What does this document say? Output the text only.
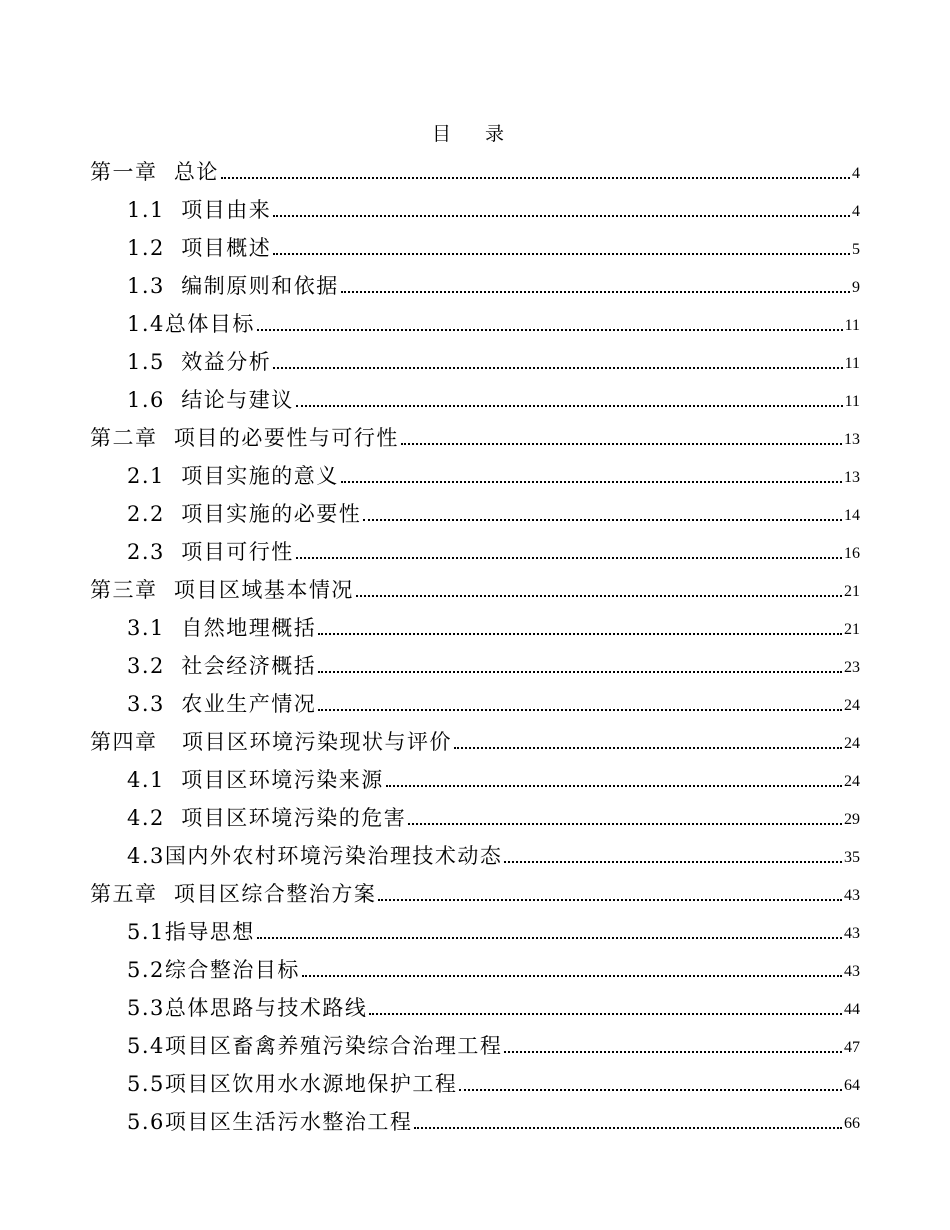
目 录
第一章  总论	4
1.1  项目由来	4
1.2  项目概述	5
1.3  编制原则和依据	9
1.4总体目标	11
1.5  效益分析	11
1.6  结论与建议	11
第二章  项目的必要性与可行性	13
2.1  项目实施的意义	13
2.2  项目实施的必要性	14
2.3  项目可行性	16
第三章  项目区域基本情况	21
3.1  自然地理概括	21
3.2  社会经济概括	23
3.3  农业生产情况	24
第四章   项目区环境污染现状与评价	24
4.1  项目区环境污染来源	24
4.2  项目区环境污染的危害	29
4.3国内外农村环境污染治理技术动态	35
第五章  项目区综合整治方案	43
5.1指导思想	43
5.2综合整治目标	43
5.3总体思路与技术路线	44
5.4项目区畜禽养殖污染综合治理工程	47
5.5项目区饮用水水源地保护工程	64
5.6项目区生活污水整治工程	66
